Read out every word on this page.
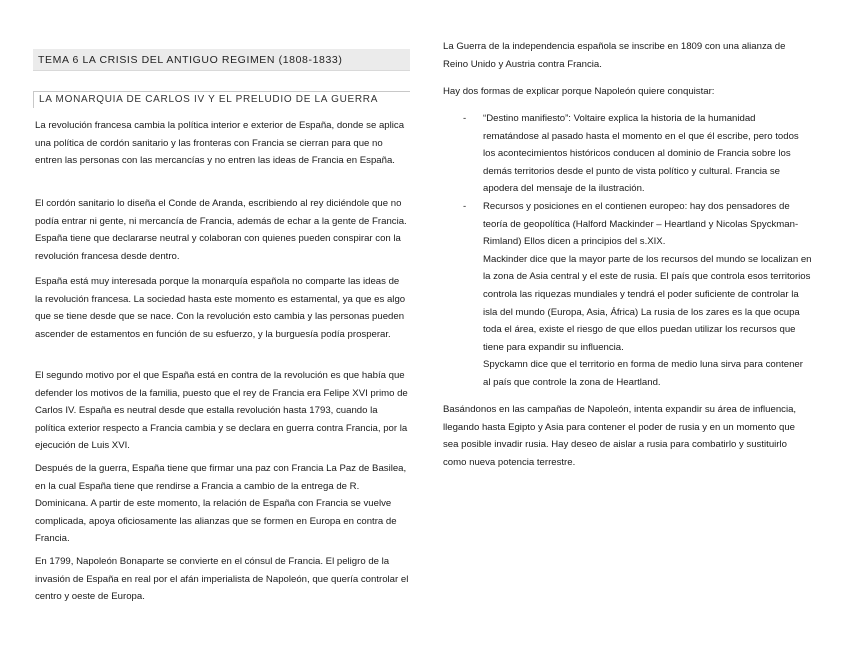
TEMA 6 LA CRISIS DEL ANTIGUO REGIMEN (1808-1833)
LA MONARQUIA DE CARLOS IV Y EL PRELUDIO DE LA GUERRA

La revolución francesa cambia la política interior e exterior de España, donde se aplica una política de cordón sanitario y las fronteras con Francia se cierran para que no entren las personas con las mercancías y no entren las ideas de Francia en España.

El cordón sanitario lo diseña el Conde de Aranda, escribiendo al rey diciéndole que no podía entrar ni gente, ni mercancía de Francia, además de echar a la gente de Francia. España tiene que declararse neutral y colaboran con quienes pueden conspirar con la revolución francesa desde dentro.

España está muy interesada porque la monarquía española no comparte las ideas de la revolución francesa. La sociedad hasta este momento es estamental, ya que es algo que se tiene desde que se nace. Con la revolución esto cambia y las personas pueden ascender de estamentos en función de su esfuerzo, y la burguesía podía prosperar.

El segundo motivo por el que España está en contra de la revolución es que había que defender los motivos de la familia, puesto que el rey de Francia era Felipe XVI primo de Carlos IV. España es neutral desde que estalla revolución hasta 1793, cuando la política exterior respecto a Francia cambia y se declara en guerra contra Francia, por la ejecución de Luis XVI.

Después de la guerra, España tiene que firmar una paz con Francia La Paz de Basilea, en la cual España tiene que rendirse a Francia a cambio de la entrega de R. Dominicana. A partir de este momento, la relación de España con Francia se vuelve complicada, apoya oficiosamente las alianzas que se formen en Europa en contra de Francia.

En 1799, Napoleón Bonaparte se convierte en el cónsul de Francia. El peligro de la invasión de España en real por el afán imperialista de Napoleón, que quería controlar el centro y oeste de Europa.

La Guerra de la independencia española se inscribe en 1809 con una alianza de Reino Unido y Austria contra Francia.

Hay dos formas de explicar porque Napoleón quiere conquistar:

- “Destino manifiesto”: Voltaire explica la historia de la humanidad rematándose al pasado hasta el momento en el que él escribe, pero todos los acontecimientos históricos conducen al dominio de Francia sobre los demás territorios desde el punto de vista político y cultural. Francia se apodera del mensaje de la ilustración.
- Recursos y posiciones en el contienen europeo: hay dos pensadores de teoría de geopolítica (Halford Mackinder – Heartland y Nicolas Spyckman- Rimland) Ellos dicen a principios del s.XIX.
Mackinder dice que la mayor parte de los recursos del mundo se localizan en la zona de Asia central y el este de rusia. El país que controla esos territorios controla las riquezas mundiales y tendrá el poder suficiente de controlar la isla del mundo (Europa, Asia, África) La rusia de los zares es la que ocupa toda el área, existe el riesgo de que ellos puedan utilizar los recursos que tiene para expandir su influencia.
Spyckamn dice que el territorio en forma de medio luna sirva para contener al país que controle la zona de Heartland.

Basándonos en las campañas de Napoleón, intenta expandir su área de influencia, llegando hasta Egipto y Asia para contener el poder de rusia y en un momento que sea posible invadir rusia. Hay deseo de aislar a rusia para combatirlo y sustituirlo como nueva potencia terrestre.
